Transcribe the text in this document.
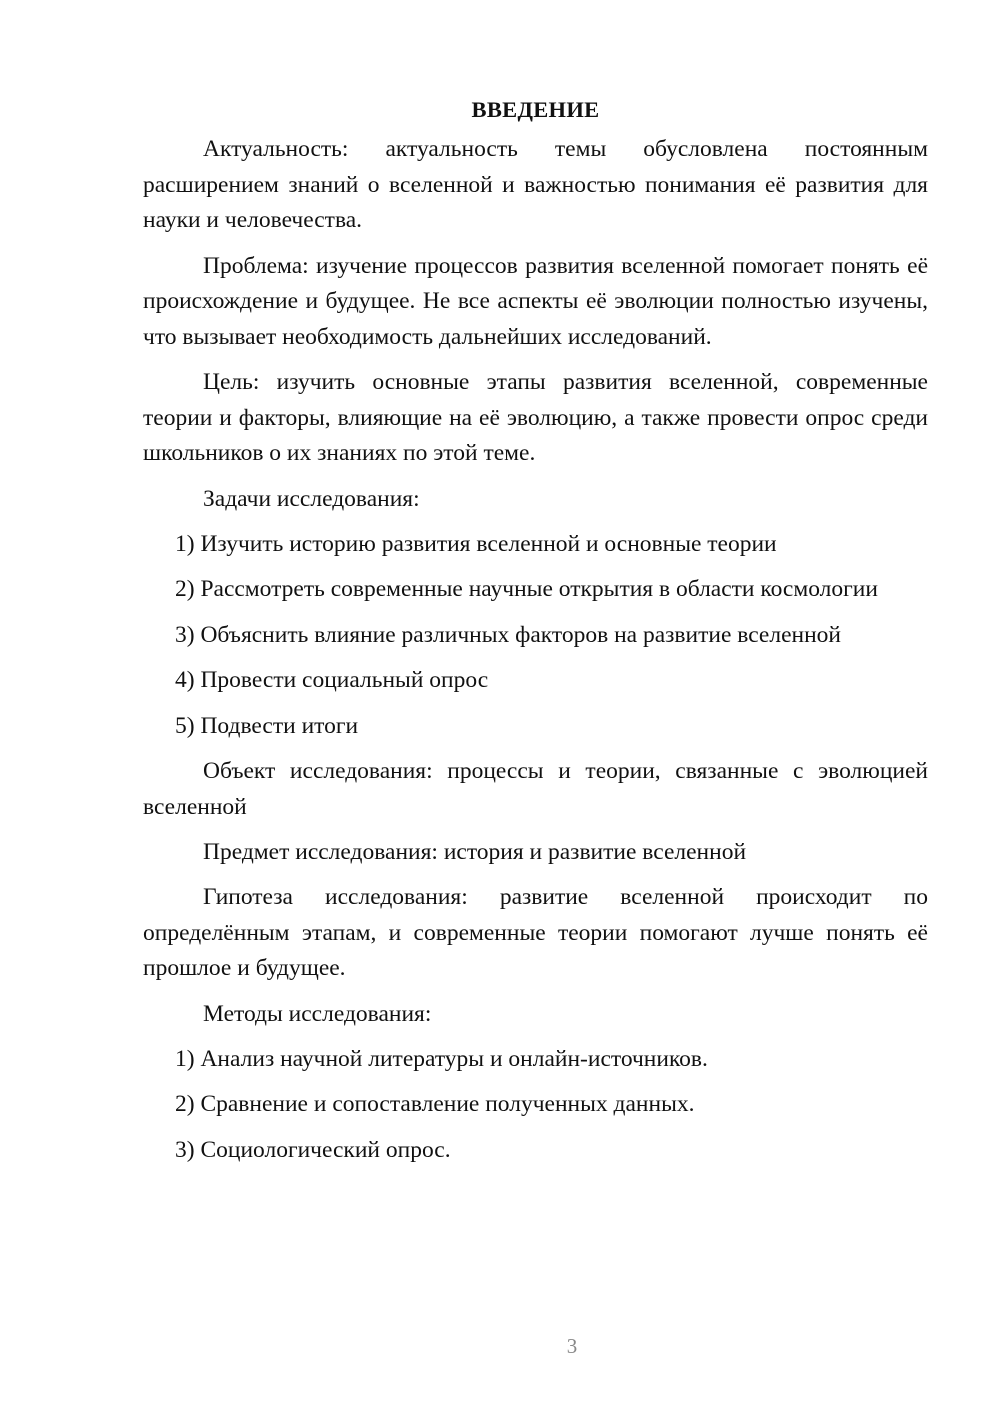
ВВЕДЕНИЕ

Актуальность: актуальность темы обусловлена постоянным расширением знаний о вселенной и важностью понимания её развития для науки и человечества.

Проблема: изучение процессов развития вселенной помогает понять её происхождение и будущее. Не все аспекты её эволюции полностью изучены, что вызывает необходимость дальнейших исследований.

Цель: изучить основные этапы развития вселенной, современные теории и факторы, влияющие на её эволюцию, а также провести опрос среди школьников о их знаниях по этой теме.

Задачи исследования:

1) Изучить историю развития вселенной и основные теории
2) Рассмотреть современные научные открытия в области космологии
3) Объяснить влияние различных факторов на развитие вселенной
4) Провести социальный опрос
5) Подвести итоги

Объект исследования: процессы и теории, связанные с эволюцией вселенной

Предмет исследования: история и развитие вселенной

Гипотеза исследования: развитие вселенной происходит по определённым этапам, и современные теории помогают лучше понять её прошлое и будущее.

Методы исследования:

1) Анализ научной литературы и онлайн-источников.
2) Сравнение и сопоставление полученных данных.
3) Социологический опрос.
3
